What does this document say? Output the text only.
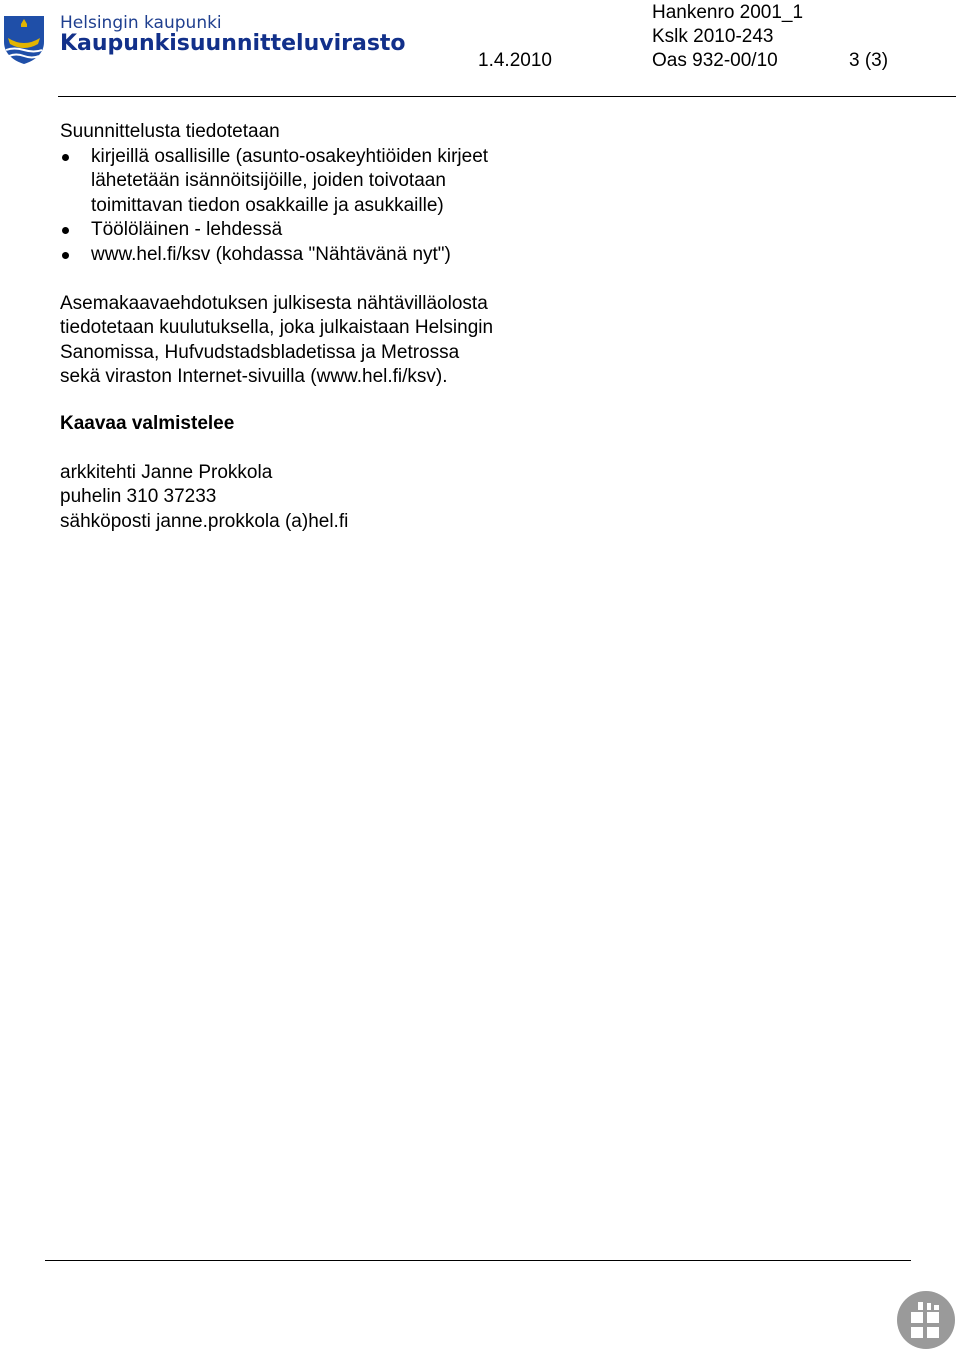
Helsingin kaupunki
Kaupunkisuunnitteluvirasto
Hankenro 2001_1
Kslk 2010-243
1.4.2010	Oas 932-00/10	3 (3)

Suunnittelusta tiedotetaan

kirjeillä osallisille (asunto-osakeyhtiöiden kirjeet lähetetään isännöitsijöille, joiden toivotaan toimittavan tiedon osakkaille ja asukkaille)
Töölöläinen - lehdessä
www.hel.fi/ksv (kohdassa "Nähtävänä nyt")

Asemakaavaehdotuksen julkisesta nähtävilläolosta tiedotetaan kuulutuksella, joka julkaistaan Helsingin Sanomissa, Hufvudstadsbladetissa ja Metrossa sekä viraston Internet-sivuilla (www.hel.fi/ksv).

Kaavaa valmistelee

arkkitehti Janne Prokkola

puhelin 310 37233

sähköposti janne.prokkola (a)hel.fi
